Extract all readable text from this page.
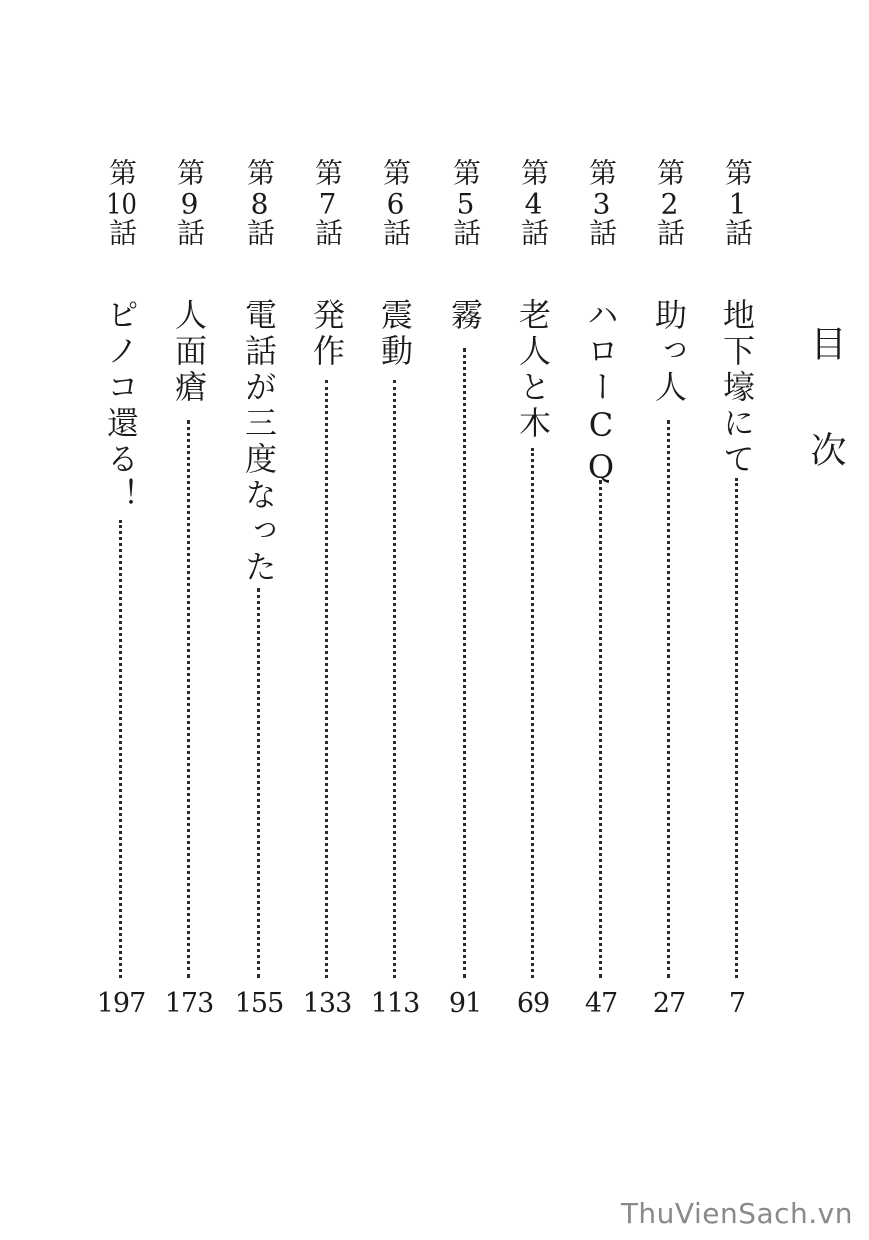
目次
第1話
地下壕にて
7
第2話
助っ人
27
第3話
ハローCQ
47
第4話
老人と木
69
第5話
霧
91
第6話
震動
113
第7話
発作
133
第8話
電話が三度なった
155
第9話
人面瘡
173
第10話
ピノコ還る！
197
ThuVienSach.vn
